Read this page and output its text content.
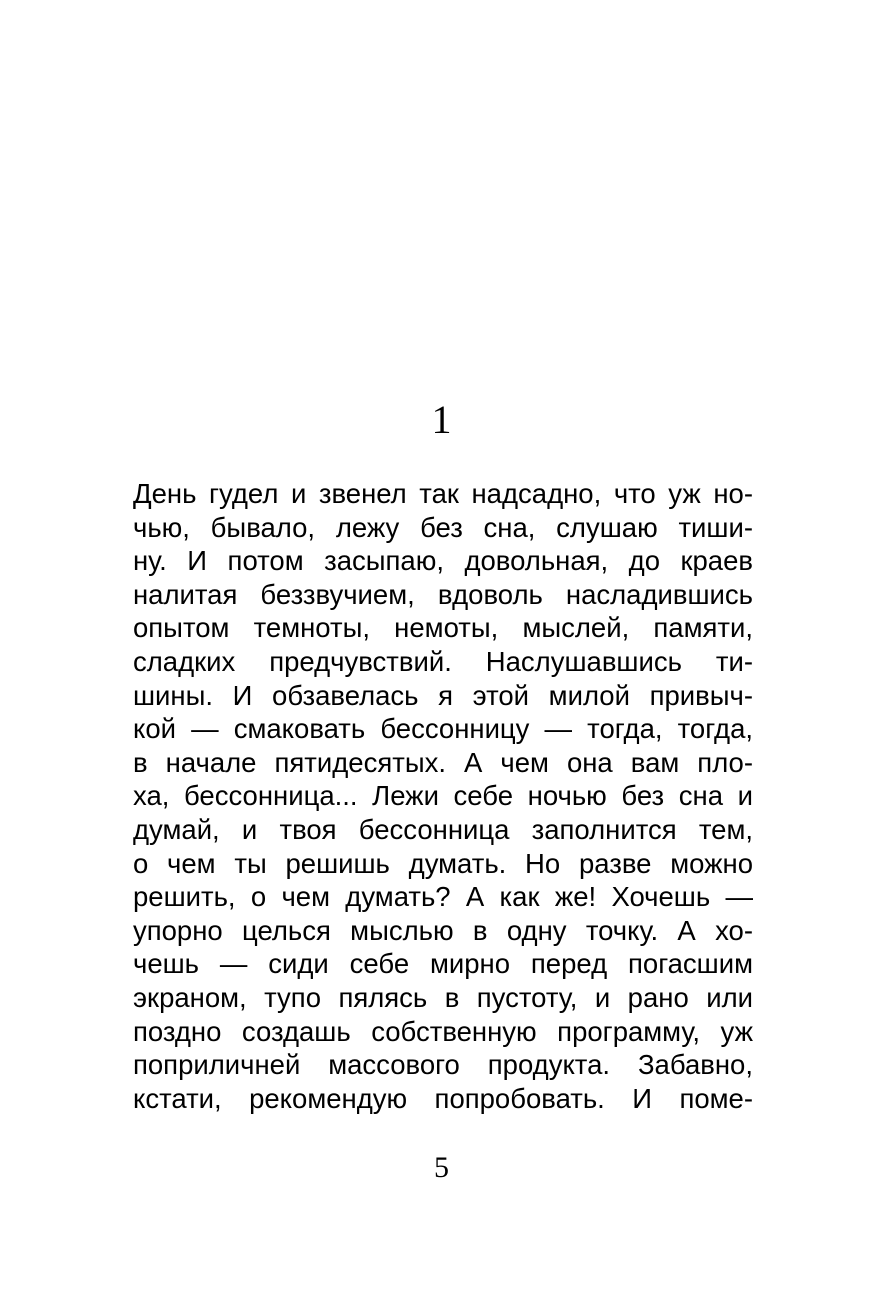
1
День гудел и звенел так надсадно, что уж но-
чью, бывало, лежу без сна, слушаю тиши-
ну. И потом засыпаю, довольная, до краев
налитая беззвучием, вдоволь насладившись
опытом темноты, немоты, мыслей, памяти,
сладких предчувствий. Наслушавшись ти-
шины. И обзавелась я этой милой привыч-
кой — смаковать бессонницу — тогда, тогда,
в начале пятидесятых. А чем она вам пло-
ха, бессонница... Лежи себе ночью без сна и
думай, и твоя бессонница заполнится тем,
о чем ты решишь думать. Но разве можно
решить, о чем думать? А как же! Хочешь —
упорно целься мыслью в одну точку. А хо-
чешь — сиди себе мирно перед погасшим
экраном, тупо пялясь в пустоту, и рано или
поздно создашь собственную программу, уж
поприличней массового продукта. Забавно,
кстати, рекомендую попробовать. И поме-
5
